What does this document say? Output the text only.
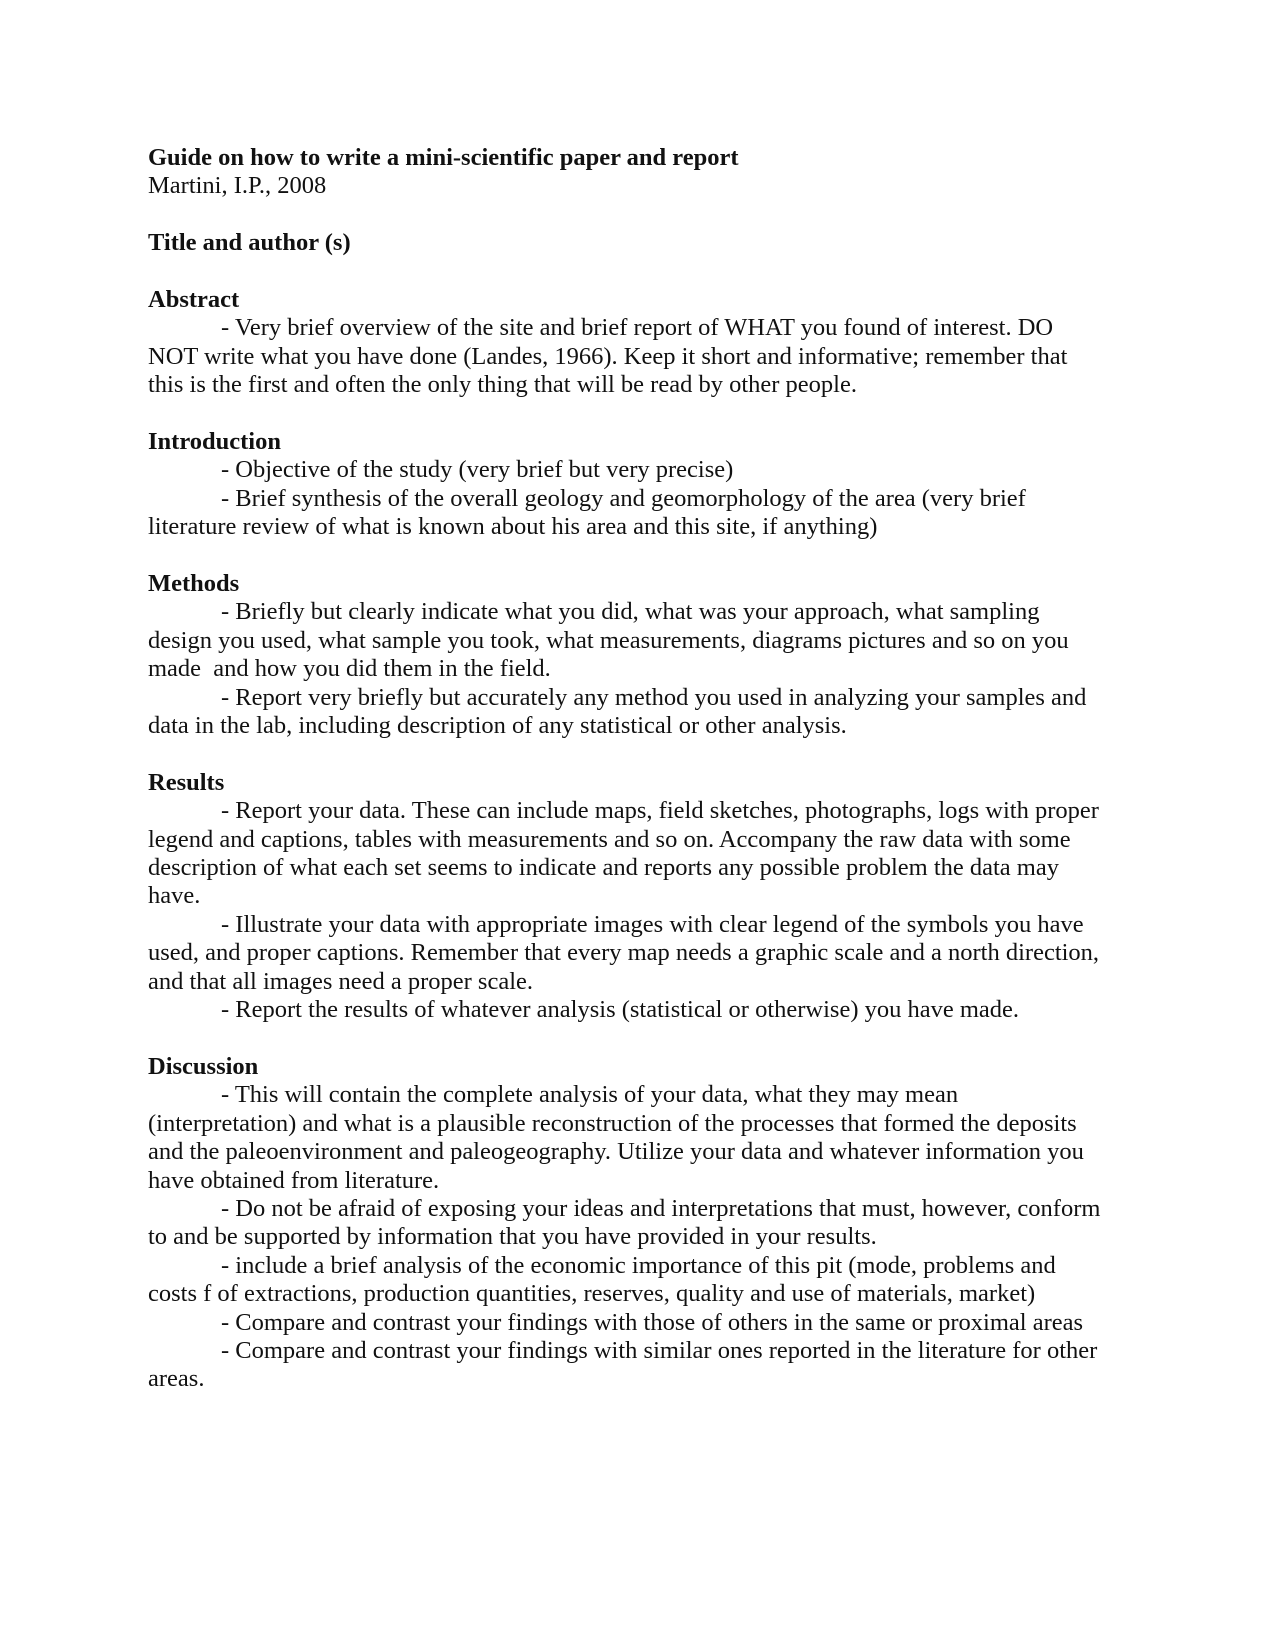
Guide on how to write a mini-scientific paper and report

Martini, I.P., 2008

Title and author (s)

Abstract

- Very brief overview of the site and brief report of WHAT you found of interest. DO

NOT write what you have done (Landes, 1966). Keep it short and informative; remember that

this is the first and often the only thing that will be read by other people.

Introduction

- Objective of the study (very brief but very precise)

- Brief synthesis of the overall geology and geomorphology of the area (very brief

literature review of what is known about his area and this site, if anything)

Methods

- Briefly but clearly indicate what you did, what was your approach, what sampling

design you used, what sample you took, what measurements, diagrams pictures and so on you

made  and how you did them in the field.

- Report very briefly but accurately any method you used in analyzing your samples and

data in the lab, including description of any statistical or other analysis.

Results

- Report your data. These can include maps, field sketches, photographs, logs with proper

legend and captions, tables with measurements and so on. Accompany the raw data with some

description of what each set seems to indicate and reports any possible problem the data may

have.

- Illustrate your data with appropriate images with clear legend of the symbols you have

used, and proper captions. Remember that every map needs a graphic scale and a north direction,

and that all images need a proper scale.

- Report the results of whatever analysis (statistical or otherwise) you have made.

Discussion

- This will contain the complete analysis of your data, what they may mean

(interpretation) and what is a plausible reconstruction of the processes that formed the deposits

and the paleoenvironment and paleogeography. Utilize your data and whatever information you

have obtained from literature.

- Do not be afraid of exposing your ideas and interpretations that must, however, conform

to and be supported by information that you have provided in your results.

- include a brief analysis of the economic importance of this pit (mode, problems and

costs f of extractions, production quantities, reserves, quality and use of materials, market)

- Compare and contrast your findings with those of others in the same or proximal areas

- Compare and contrast your findings with similar ones reported in the literature for other

areas.
